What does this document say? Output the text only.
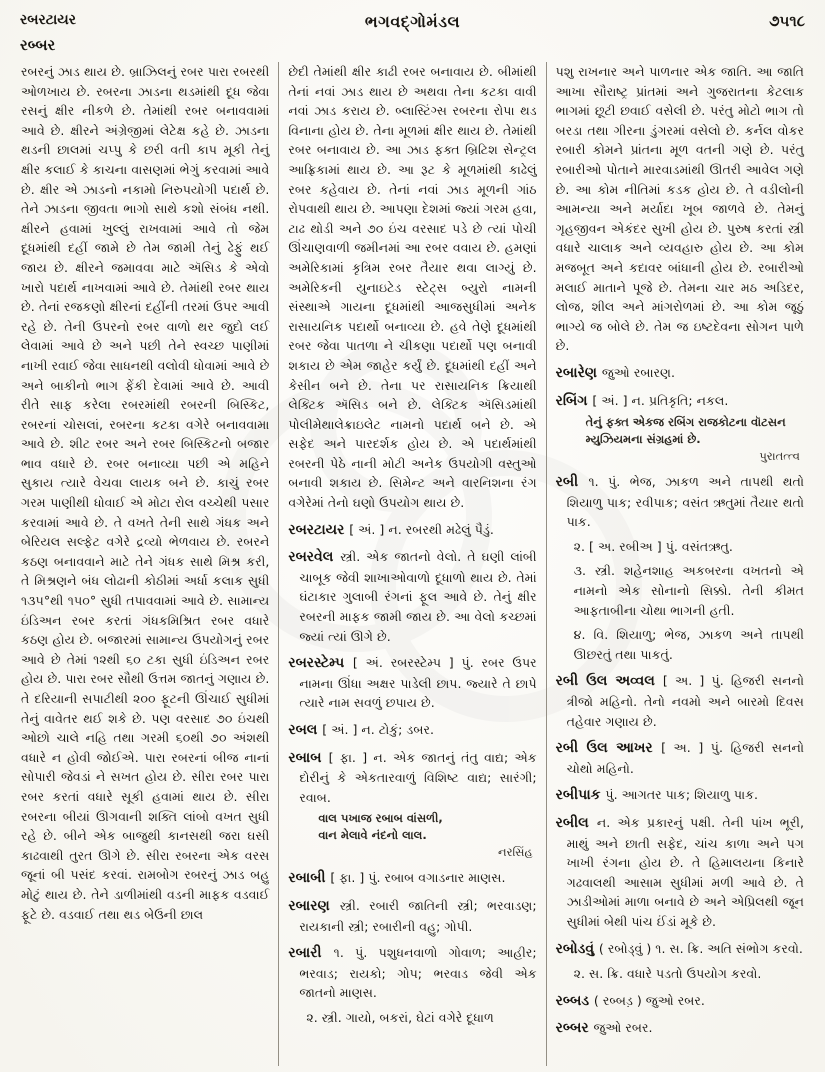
રબરટાયર
રબ્બર
ભગવદ્ગોમંડલ	૭૫૧૮

રબરનું ઝાડ થાય છે. બ્રાઝિલનું રબર પારા રબરથી ઓળખાય છે. રબરના ઝાડના થડમાંથી દૂધ જેવા રસનું ક્ષીર નીકળે છે. તેમાંથી રબર બનાવવામાં આવે છે. ક્ષીરને અંગ્રેજીમાં લેટેક્ષ કહે છે. ઝાડના થડની છાલમાં ચપ્પુ કે છરી વતી કાપ મૂકી તેનું ક્ષીર કલાઈ કે કાચના વાસણમાં ભેગું કરવામાં આવે છે. ક્ષીર એ ઝાડનો નકામો નિરુપયોગી પદાર્થ છે. તેને ઝાડના જીવતા ભાગો સાથે કશો સંબંધ નથી. ક્ષીરને હવામાં ખુલ્લું રાખવામાં આવે તો જેમ દૂધમાંથી દહીં જામે છે તેમ જામી તેનું ઢેફું થઈ જાય છે. ક્ષીરને જમાવવા માટે ઍસિડ કે એવો ખારો પદાર્થ નાખવામાં આવે છે. તેમાંથી રબર થાય છે. તેનાં રજકણો ક્ષીરનાં દહીંની તરમાં ઉપર આવી રહે છે. તેની ઉપરનો રબર વાળો થર જુદો લઈ લેવામાં આવે છે અને પછી તેને સ્વચ્છ પાણીમાં નાખી રવાઈ જેવા સાધનથી વલોવી ધોવામાં આવે છે અને બાકીનો ભાગ ફેંકી દેવામાં આવે છે. આવી રીતે સાફ કરેલા રબરમાંથી રબરની બિસ્કિટ, રબરનાં ચોસલાં, રબરના કટકા વગેરે બનાવવામા આવે છે. શીટ રબર અને રબર બિસ્કિટનો બજાર ભાવ વધારે છે. રબર બનાવ્યા પછી એ મહિને સુકાય ત્યારે વેચવા લાયક બને છે. કાચું રબર ગરમ પાણીથી ધોવાઈ એ મોટા રોલ વચ્ચેથી પસાર કરવામાં આવે છે. તે વખતે તેની સાથે ગંધક અને બેરિયલ સલ્ફેટ વગેરે દ્રવ્યો ભેળવાય છે. રબરને કઠણ બનાવવાને માટે તેને ગંધક સાથે મિશ્ર કરી, તે મિશ્રણને બંધ લોઢાની કોઠીમાં અર્ધા કલાક સુધી ૧૩૫°થી ૧૫૦° સુધી તપાવવામાં આવે છે. સામાન્ય ઇંડિઅન રબર કરતાં ગંધકમિશ્રિત રબર વધારે કઠણ હોય છે. બજારમાં સામાન્ય ઉપયોગનું રબર આવે છે તેમાં ૧૨થી ૬૦ ટકા સુધી ઇંડિઅન રબર હોય છે. પારા રબર સૌથી ઉત્તમ જાતનું ગણાય છે. તે દરિયાની સપાટીથી ૨૦૦ ફૂટની ઊંચાઈ સુધીમાં તેનું વાવેતર થઈ શકે છે. પણ વરસાદ ૭૦ ઇંચથી ઓછો ચાલે નહિ તથા ગરમી ૬૦થી ૭૦ અંશથી વધારે ન હોવી જોઈએ. પારા રબરનાં બીજ નાનાં સોપારી જેવડાં ને સખત હોય છે. સીરા રબર પારા રબર કરતાં વધારે સૂકી હવામાં થાય છે. સીરા રબરના બીયાં ઊગવાની શક્તિ લાંબો વખત સુધી રહે છે. બીને એક બાજુથી કાનસથી જરા ઘસી કાઢવાથી તુરત ઊગે છે. સીરા રબરના એક વરસ જૂનાં બી પસંદ કરવાં. રામબોગ રબરનું ઝાડ બહુ મોટું થાય છે. તેને ડાળીમાંથી વડની માફક વડવાઈ ફૂટે છે. વડવાઈ તથા થડ બેઉની છાલ

છેદી તેમાંથી ક્ષીર કાઢી રબર બનાવાય છે. બીમાંથી તેનાં નવાં ઝાડ થાય છે અથવા તેના કટકા વાવી નવાં ઝાડ કરાય છે. બ્લાસ્ટિંગ્સ રબરના રોપા થડ વિનાના હોય છે. તેના મૂળમાં ક્ષીર થાય છે. તેમાંથી રબર બનાવાય છે. આ ઝાડ ફક્ત બ્રિટિશ સેન્ટ્રલ આફ્રિકામાં થાય છે. આ રૂટ કે મૂળમાંથી કાઢેલું રબર કહેવાય છે. તેનાં નવાં ઝાડ મૂળની ગાંઠ રોપવાથી થાય છે. આપણા દેશમાં જ્યાં ગરમ હવા, ટાઢ થોડી અને ૭૦ ઇંચ વરસાદ પડે છે ત્યાં પોચી ઊંચાણવાળી જમીનમાં આ રબર વવાય છે. હમણાં અમેરિકામાં કૃત્રિમ રબર તૈયાર થવા લાગ્યું છે. અમેરિકની યુનાઇટેડ સ્ટેટ્સ બ્યુરો નામની સંસ્થાએ ગાયના દૂધમાંથી આજસુધીમાં અનેક રાસાયનિક પદાર્થો બનાવ્યા છે. હવે તેણે દૂધમાંથી રબર જેવા પાતળા ને ચીકણા પદાર્થો પણ બનાવી શકાય છે એમ જાહેર કર્યું છે. દૂધમાંથી દહીં અને કેસીન બને છે. તેના પર રાસાયનિક ક્રિયાથી લેક્ટિક ઍસિડ બને છે. લેક્ટિક ઍસિડમાંથી પોલીમેથાલેક્રાઇલેટ નામનો પદાર્થ બને છે. એ સફેદ અને પારદર્શક હોય છે. એ પદાર્થમાંથી રબરની પેઠે નાની મોટી અનેક ઉપયોગી વસ્તુઓ બનાવી શકાય છે. સિમેન્ટ અને વારનિશના રંગ વગેરેમાં તેનો ઘણો ઉપયોગ થાય છે.

રબરટાયર [ અં. ] ન. રબરથી મઢેલું પૈડું.

રબરવેલ સ્ત્રી. એક જાતનો વેલો. તે ઘણી લાંબી ચાબૂક જેવી શાખાઓવાળો દૂધાળો થાય છે. તેમાં ઘંટાકાર ગુલાબી રંગનાં ફૂલ આવે છે. તેનું ક્ષીર રબરની માફક જામી જાય છે. આ વેલો કચ્છમાં જ્યાં ત્યાં ઊગે છે.

રબરસ્ટેમ્પ [ અં. રબરસ્ટેમ્પ ] પું. રબર ઉપર નામના ઊંધા અક્ષર પાડેલી છાપ. જ્યારે તે છાપે ત્યારે નામ સવળું છપાય છે.

રબલ [ અં. ] ન. ટોકું; ડબર.

રબાબ [ ફા. ] ન. એક જાતનું તંતુ વાદ્ય; એક દોરીનું કે એકતારવાળું વિશિષ્ટ વાદ્ય; સારંગી; રવાબ.

વાલ પખાજ રબાબ વાંસળી,
વાન મેલાવે નંદનો લાલ.
નરસિંહ

રબાબી [ ફા. ] પું. રબાબ વગાડનાર માણસ.

રબારણ સ્ત્રી. રબારી જાતિની સ્ત્રી; ભરવાડણ; રાયકાની સ્ત્રી; રબારીની વહુ; ગોપી.

રબારી ૧. પું. પશુધનવાળો ગોવાળ; આહીર; ભરવાડ; રાયકો; ગોપ; ભરવાડ જેવી એક જાતનો માણસ.

૨. સ્ત્રી. ગાયો, બકરાં, ઘેટાં વગેરે દૂધાળ

પશુ રાખનાર અને પાળનાર એક જાતિ. આ જાતિ આખા સૌરાષ્ટ્ર પ્રાંતમાં અને ગુજરાતના કેટલાક ભાગમાં છૂટી છવાઈ વસેલી છે. પરંતુ મોટો ભાગ તો બરડા તથા ગીરના ડુંગરમાં વસેલો છે. કર્નલ વોકર રબારી કોમને પ્રાંતના મૂળ વતની ગણે છે. પરંતુ રબારીઓ પોતાને મારવાડમાંથી ઊતરી આવેલ ગણે છે. આ કોમ નીતિમાં કડક હોય છે. તે વડીલોની આમન્યા અને મર્યાદા ખૂબ જાળવે છે. તેમનું ગૃહજીવન એકંદર સુખી હોય છે. પુરુષ કરતાં સ્ત્રી વધારે ચાલાક અને વ્યવહારુ હોય છે. આ કોમ મજબૂત અને કદાવર બાંધાની હોય છે. રબારીઓ મલાઈ માતાને પૂજે છે. તેમના ચાર મઠ અડિદર, લોજ, શીલ અને માંગરોળમાં છે. આ કોમ જૂઠું ભાગ્યે જ બોલે છે. તેમ જ ઇષ્ટદેવના સોગન પાળે છે.

રબારેણ જુઓ રબારણ.

રબિંગ [ અં. ] ન. પ્રતિકૃતિ; નકલ.

તેનું ફક્ત એકજ રબિંગ રાજકોટના વૉટસન
મ્યુઝિયમના સંગ્રહમાં છે.
પુરાતત્ત્વ

રબી ૧. પું. ભેજ, ઝાકળ અને તાપથી થતો શિયાળુ પાક; રવીપાક; વસંત ઋતુમાં તૈયાર થતો પાક.

૨. [ અ. રબીઅ ] પું. વસંતઋતુ.

૩. સ્ત્રી. શહેનશાહ અકબરના વખતનો એ નામનો એક સોનાનો સિક્કો. તેની કીમત આફતાબીના ચોથા ભાગની હતી.

૪. વિ. શિયાળુ; ભેજ, ઝાકળ અને તાપથી ઊછરતું તથા પાકતું.

રબી ઉલ અવ્વલ [ અ. ] પું. હિજરી સનનો ત્રીજો મહિનો. તેનો નવમો અને બારમો દિવસ તહેવાર ગણાય છે.

રબી ઉલ આખર [ અ. ] પું. હિજરી સનનો ચોથો મહિનો.

રબીપાક પું. આગતર પાક; શિયાળુ પાક.

રબીલ ન. એક પ્રકારનું પક્ષી. તેની પાંખ ભૂરી, માથું અને છાતી સફેદ, ચાંચ કાળા અને પગ ખાખી રંગના હોય છે. તે હિમાલયના કિનારે ગઢવાલથી આસામ સુધીમાં મળી આવે છે. તે ઝાડીઓમાં માળા બનાવે છે અને એપ્રિલથી જૂન સુધીમાં બેથી પાંચ ઈંડાં મૂકે છે.

રબોડવું ( રબોડ્વું ) ૧. સ. ક્રિ. અતિ સંભોગ કરવો.

૨. સ. ક્રિ. વધારે પડતો ઉપયોગ કરવો.

રબ્બડ ( રબ્બડ઼ ) જુઓ રબર.

રબ્બર જુઓ રબર.
